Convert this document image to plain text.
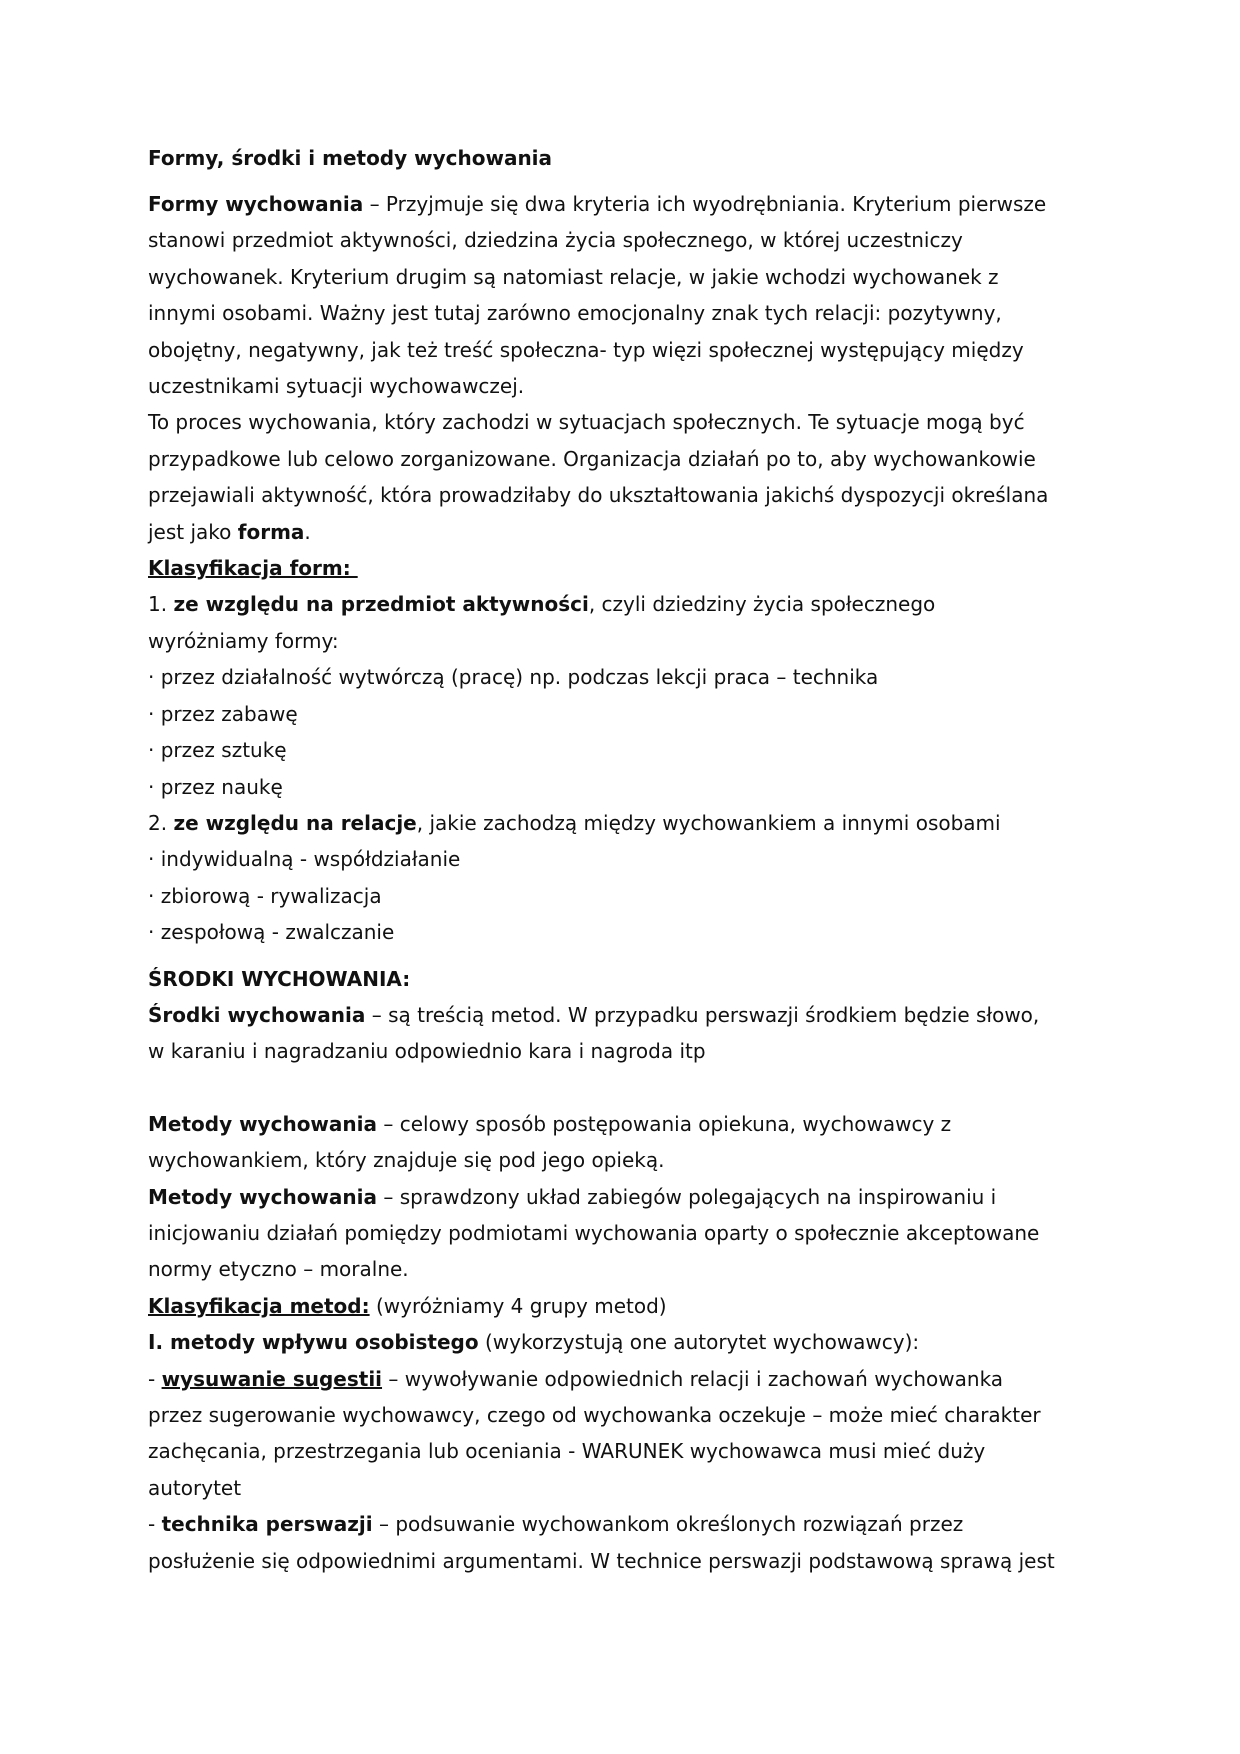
Formy, środki i metody wychowania
Formy wychowania – Przyjmuje się dwa kryteria ich wyodrębniania. Kryterium pierwsze
stanowi przedmiot aktywności, dziedzina życia społecznego, w której uczestniczy
wychowanek. Kryterium drugim są natomiast relacje, w jakie wchodzi wychowanek z
innymi osobami. Ważny jest tutaj zarówno emocjonalny znak tych relacji: pozytywny,
obojętny, negatywny, jak też treść społeczna- typ więzi społecznej występujący między
uczestnikami sytuacji wychowawczej.
To proces wychowania, który zachodzi w sytuacjach społecznych. Te sytuacje mogą być
przypadkowe lub celowo zorganizowane. Organizacja działań po to, aby wychowankowie
przejawiali aktywność, która prowadziłaby do ukształtowania jakichś dyspozycji określana
jest jako forma.
Klasyfikacja form:
1. ze względu na przedmiot aktywności, czyli dziedziny życia społecznego
wyróżniamy formy:
· przez działalność wytwórczą (pracę) np. podczas lekcji praca – technika
· przez zabawę
· przez sztukę
· przez naukę
2. ze względu na relacje, jakie zachodzą między wychowankiem a innymi osobami
· indywidualną - współdziałanie
· zbiorową - rywalizacja
· zespołową - zwalczanie
ŚRODKI WYCHOWANIA:
Środki wychowania – są treścią metod. W przypadku perswazji środkiem będzie słowo,
w karaniu i nagradzaniu odpowiednio kara i nagroda itp
Metody wychowania – celowy sposób postępowania opiekuna, wychowawcy z
wychowankiem, który znajduje się pod jego opieką.
Metody wychowania – sprawdzony układ zabiegów polegających na inspirowaniu i
inicjowaniu działań pomiędzy podmiotami wychowania oparty o społecznie akceptowane
normy etyczno – moralne.
Klasyfikacja metod: (wyróżniamy 4 grupy metod)
I. metody wpływu osobistego (wykorzystują one autorytet wychowawcy):
- wysuwanie sugestii – wywoływanie odpowiednich relacji i zachowań wychowanka
przez sugerowanie wychowawcy, czego od wychowanka oczekuje – może mieć charakter
zachęcania, przestrzegania lub oceniania - WARUNEK wychowawca musi mieć duży
autorytet
- technika perswazji – podsuwanie wychowankom określonych rozwiązań przez
posłużenie się odpowiednimi argumentami. W technice perswazji podstawową sprawą jest
